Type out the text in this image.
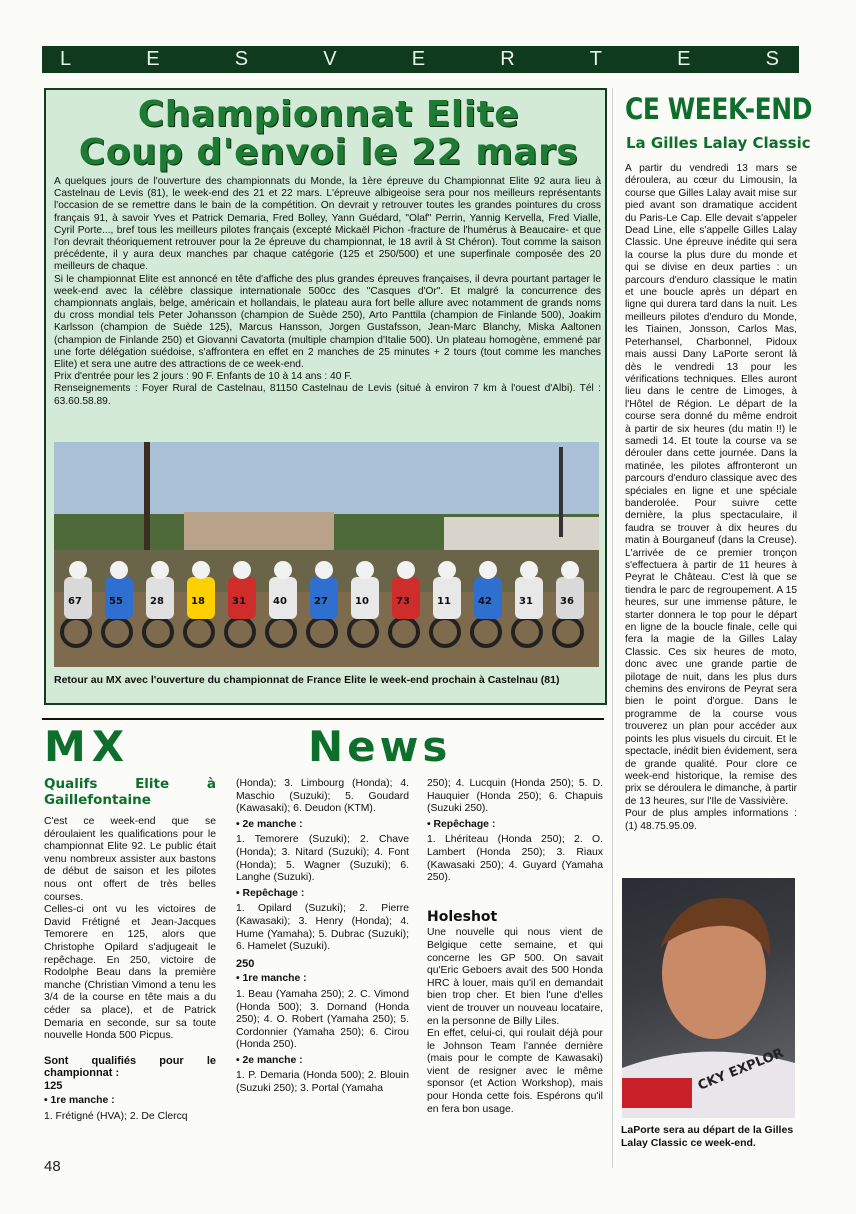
L	E	S	V	E	R	T	E	S
Championnat Elite
Coup d'envoi le 22 mars

A quelques jours de l'ouverture des championnats du Monde, la 1ère épreuve du Championnat Elite 92 aura lieu à Castelnau de Levis (81), le week-end des 21 et 22 mars. L'épreuve albigeoise sera pour nos meilleurs représentants l'occasion de se remettre dans le bain de la compétition. On devrait y retrouver toutes les grandes pointures du cross français 91, à savoir Yves et Patrick Demaria, Fred Bolley, Yann Guédard, "Olaf" Perrin, Yannig Kervella, Fred Vialle, Cyril Porte..., bref tous les meilleurs pilotes français (excepté Mickaël Pichon -fracture de l'humérus à Beaucaire- et que l'on devrait théoriquement retrouver pour la 2e épreuve du championnat, le 18 avril à St Chéron). Tout comme la saison précédente, il y aura deux manches par chaque catégorie (125 et 250/500) et une superfinale composée des 20 meilleurs de chaque.

Si le championnat Elite est annoncé en tête d'affiche des plus grandes épreuves françaises, il devra pourtant partager le week-end avec la célèbre classique internationale 500cc des "Casques d'Or". Et malgré la concurrence des championnats anglais, belge, américain et hollandais, le plateau aura fort belle allure avec notamment de grands noms du cross mondial tels Peter Johansson (champion de Suède 250), Arto Panttila (champion de Finlande 500), Joakim Karlsson (champion de Suède 125), Marcus Hansson, Jorgen Gustafsson, Jean-Marc Blanchy, Miska Aaltonen (champion de Finlande 250) et Giovanni Cavatorta (multiple champion d'Italie 500). Un plateau homogène, emmené par une forte délégation suédoise, s'affrontera en effet en 2 manches de 25 minutes + 2 tours (tout comme les manches Elite) et sera une autre des attractions de ce week-end.

Prix d'entrée pour les 2 jours : 90 F. Enfants de 10 à 14 ans : 40 F.

Renseignements : Foyer Rural de Castelnau, 81150 Castelnau de Levis (situé à environ 7 km à l'ouest d'Albi). Tél : 63.60.58.89.

67	55	28	18	31	40	27	10	73	11	42	31	36
Retour au MX avec l'ouverture du championnat de France Elite le week-end prochain à Castelnau (81)
MX	News
Qualifs Elite à Gaillefontaine

C'est ce week-end que se déroulaient les qualifications pour le championnat Elite 92. Le public était venu nombreux assister aux bastons de début de saison et les pilotes nous ont offert de très belles courses.

Celles-ci ont vu les victoires de David Frétigné et Jean-Jacques Temorere en 125, alors que Christophe Opilard s'adjugeait le repêchage. En 250, victoire de Rodolphe Beau dans la première manche (Christian Vimond a tenu les 3/4 de la course en tête mais a du céder sa place), et de Patrick Demaria en seconde, sur sa toute nouvelle Honda 500 Picpus.

Sont qualifiés pour le championnat :
125
• 1re manche :

1. Frétigné (HVA); 2. De Clercq

(Honda); 3. Limbourg (Honda); 4. Maschio (Suzuki); 5. Goudard (Kawasaki); 6. Deudon (KTM).

• 2e manche :

1. Temorere (Suzuki); 2. Chave (Honda); 3. Nitard (Suzuki); 4. Font (Honda); 5. Wagner (Suzuki); 6. Langhe (Suzuki).

• Repêchage :

1. Opilard (Suzuki); 2. Pierre (Kawasaki); 3. Henry (Honda); 4. Hume (Yamaha); 5. Dubrac (Suzuki); 6. Hamelet (Suzuki).

250
• 1re manche :

1. Beau (Yamaha 250); 2. C. Vimond (Honda 500); 3. Dornand (Honda 250); 4. O. Robert (Yamaha 250); 5. Cordonnier (Yamaha 250); 6. Cirou (Honda 250).

• 2e manche :

1. P. Demaria (Honda 500); 2. Blouin (Suzuki 250); 3. Portal (Yamaha

250); 4. Lucquin (Honda 250); 5. D. Hauquier (Honda 250); 6. Chapuis (Suzuki 250).

• Repêchage :

1. Lhériteau (Honda 250); 2. O. Lambert (Honda 250); 3. Riaux (Kawasaki 250); 4. Guyard (Yamaha 250).

Holeshot

Une nouvelle qui nous vient de Belgique cette semaine, et qui concerne les GP 500. On savait qu'Eric Geboers avait des 500 Honda HRC à louer, mais qu'il en demandait bien trop cher. Et bien l'une d'elles vient de trouver un nouveau locataire, en la personne de Billy Liles.

En effet, celui-ci, qui roulait déjà pour le Johnson Team l'année dernière (mais pour le compte de Kawasaki) vient de resigner avec le même sponsor (et Action Workshop), mais pour Honda cette fois. Espérons qu'il en fera bon usage.

CE WEEK-END
La Gilles Lalay Classic

A partir du vendredi 13 mars se déroulera, au cœur du Limousin, la course que Gilles Lalay avait mise sur pied avant son dramatique accident du Paris-Le Cap. Elle devait s'appeler Dead Line, elle s'appelle Gilles Lalay Classic. Une épreuve inédite qui sera la course la plus dure du monde et qui se divise en deux parties : un parcours d'enduro classique le matin et une boucle après un départ en ligne qui durera tard dans la nuit. Les meilleurs pilotes d'enduro du Monde, les Tiainen, Jonsson, Carlos Mas, Peterhansel, Charbonnel, Pidoux mais aussi Dany LaPorte seront là dès le vendredi 13 pour les vérifications techniques. Elles auront lieu dans le centre de Limoges, à l'Hôtel de Région. Le départ de la course sera donné du même endroit à partir de six heures (du matin !!) le samedi 14. Et toute la course va se dérouler dans cette journée. Dans la matinée, les pilotes affronteront un parcours d'enduro classique avec des spéciales en ligne et une spéciale banderolée. Pour suivre cette dernière, la plus spectaculaire, il faudra se trouver à dix heures du matin à Bourganeuf (dans la Creuse). L'arrivée de ce premier tronçon s'effectuera à partir de 11 heures à Peyrat le Château. C'est là que se tiendra le parc de regroupement. A 15 heures, sur une immense pâture, le starter donnera le top pour le départ en ligne de la boucle finale, celle qui fera la magie de la Gilles Lalay Classic. Ces six heures de moto, donc avec une grande partie de pilotage de nuit, dans les plus durs chemins des environs de Peyrat sera bien le point d'orgue. Dans le programme de la course vous trouverez un plan pour accéder aux points les plus visuels du circuit. Et le spectacle, inédit bien évidement, sera de grande qualité. Pour clore ce week-end historique, la remise des prix se déroulera le dimanche, à partir de 13 heures, sur l'Ile de Vassivière.

Pour de plus amples informations : (1) 48.75.95.09.

CKY EXPLOR
LaPorte sera au départ de la Gilles Lalay Classic ce week-end.
48
